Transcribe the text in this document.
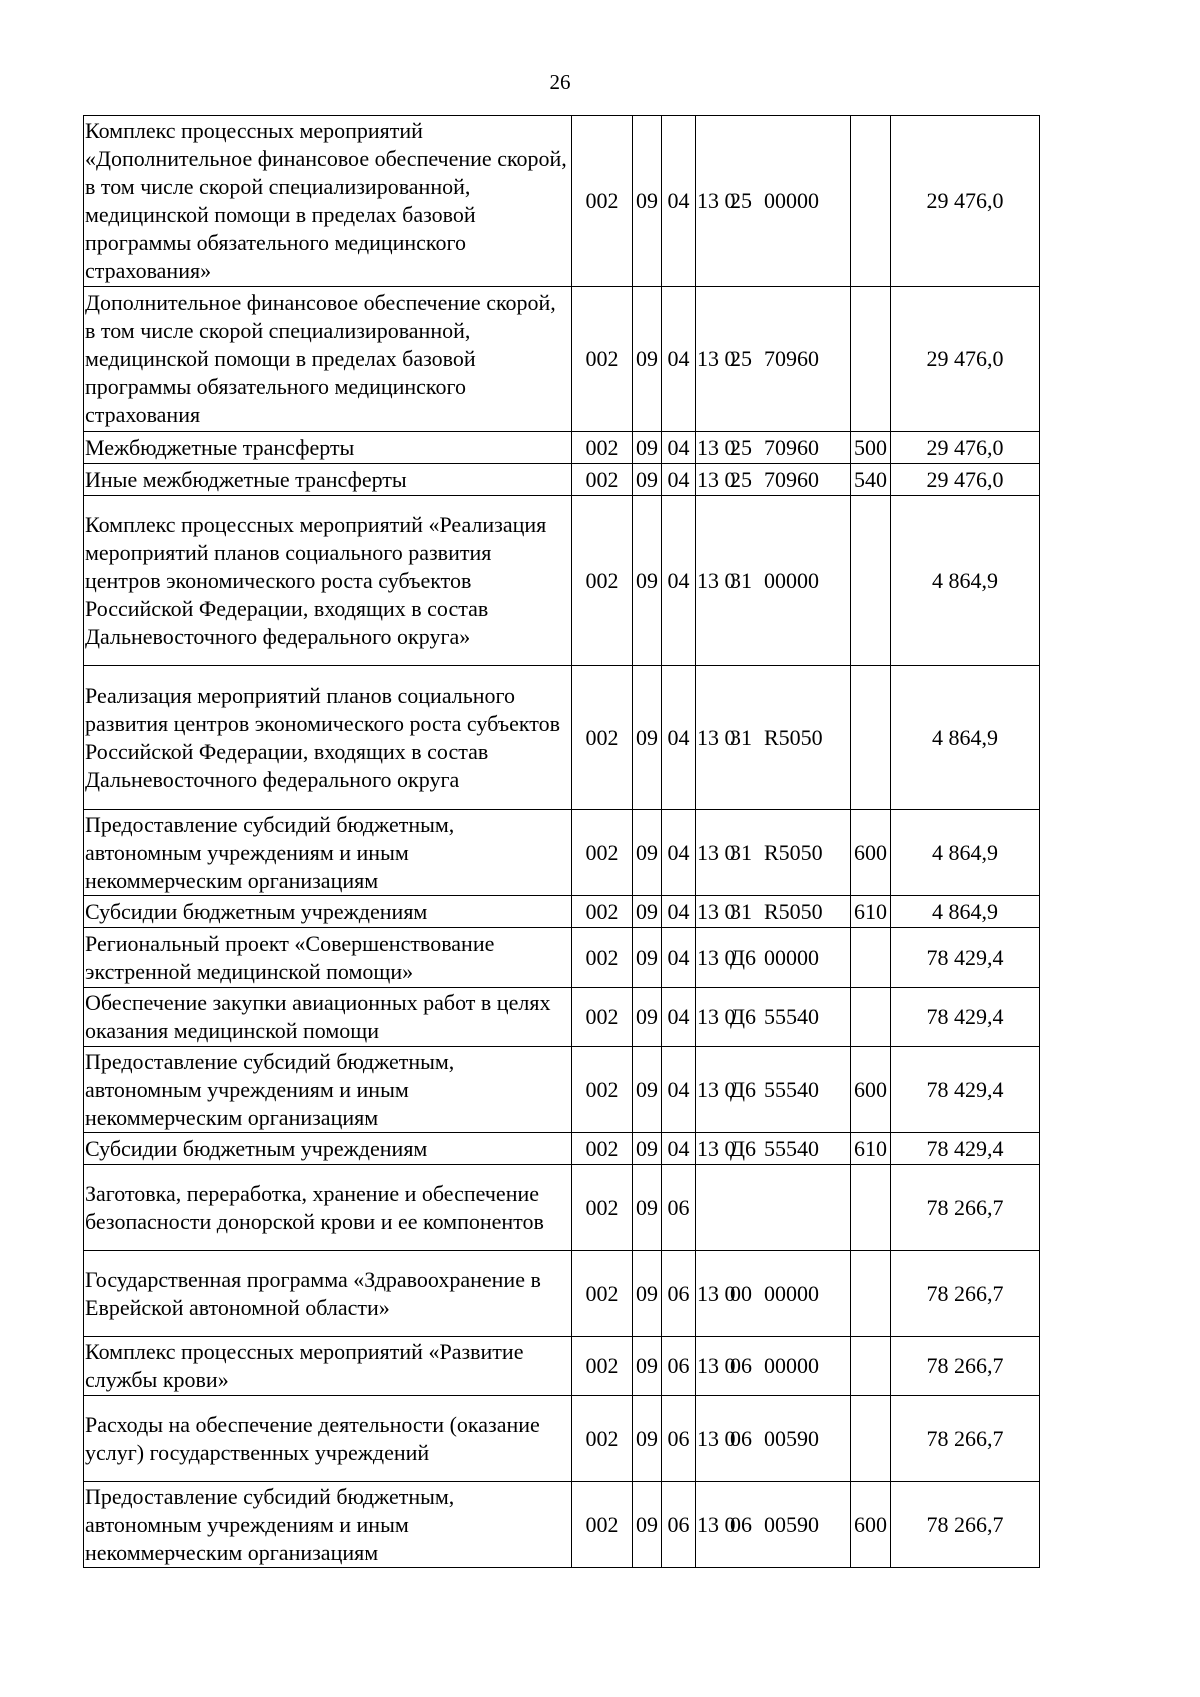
26
Комплекс процессных мероприятий «Дополнительное финансовое обеспечение скорой, в том числе скорой специализированной, медицинской помощи в пределах базовой программы обязательного медицинского страхования»	002	09	04	13 025 00000		29 476,0
Дополнительное финансовое обеспечение скорой, в том числе скорой специализированной, медицинской помощи в пределах базовой программы обязательного медицинского страхования	002	09	04	13 025 70960		29 476,0
Межбюджетные трансферты	002	09	04	13 025 70960	500	29 476,0
Иные межбюджетные трансферты	002	09	04	13 025 70960	540	29 476,0
Комплекс процессных мероприятий «Реализация мероприятий планов социального развития центров экономического роста субъектов Российской Федерации, входящих в состав Дальневосточного федерального округа»	002	09	04	13 031 00000		4 864,9
Реализация мероприятий планов социального развития центров экономического роста субъектов Российской Федерации, входящих в состав Дальневосточного федерального округа	002	09	04	13 031 R5050		4 864,9
Предоставление субсидий бюджетным, автономным учреждениям и иным некоммерческим организациям	002	09	04	13 031 R5050	600	4 864,9
Субсидии бюджетным учреждениям	002	09	04	13 031 R5050	610	4 864,9
Региональный проект «Совершенствование экстренной медицинской помощи»	002	09	04	13 0Д6 00000		78 429,4
Обеспечение закупки авиационных работ в целях оказания медицинской помощи	002	09	04	13 0Д6 55540		78 429,4
Предоставление субсидий бюджетным, автономным учреждениям и иным некоммерческим организациям	002	09	04	13 0Д6 55540	600	78 429,4
Субсидии бюджетным учреждениям	002	09	04	13 0Д6 55540	610	78 429,4
Заготовка, переработка, хранение и обеспечение безопасности донорской крови и ее компонентов	002	09	06			78 266,7
Государственная программа «Здравоохранение в Еврейской автономной области»	002	09	06	13 000 00000		78 266,7
Комплекс процессных мероприятий «Развитие службы крови»	002	09	06	13 006 00000		78 266,7
Расходы на обеспечение деятельности (оказание услуг) государственных учреждений	002	09	06	13 006 00590		78 266,7
Предоставление субсидий бюджетным, автономным учреждениям и иным некоммерческим организациям	002	09	06	13 006 00590	600	78 266,7
